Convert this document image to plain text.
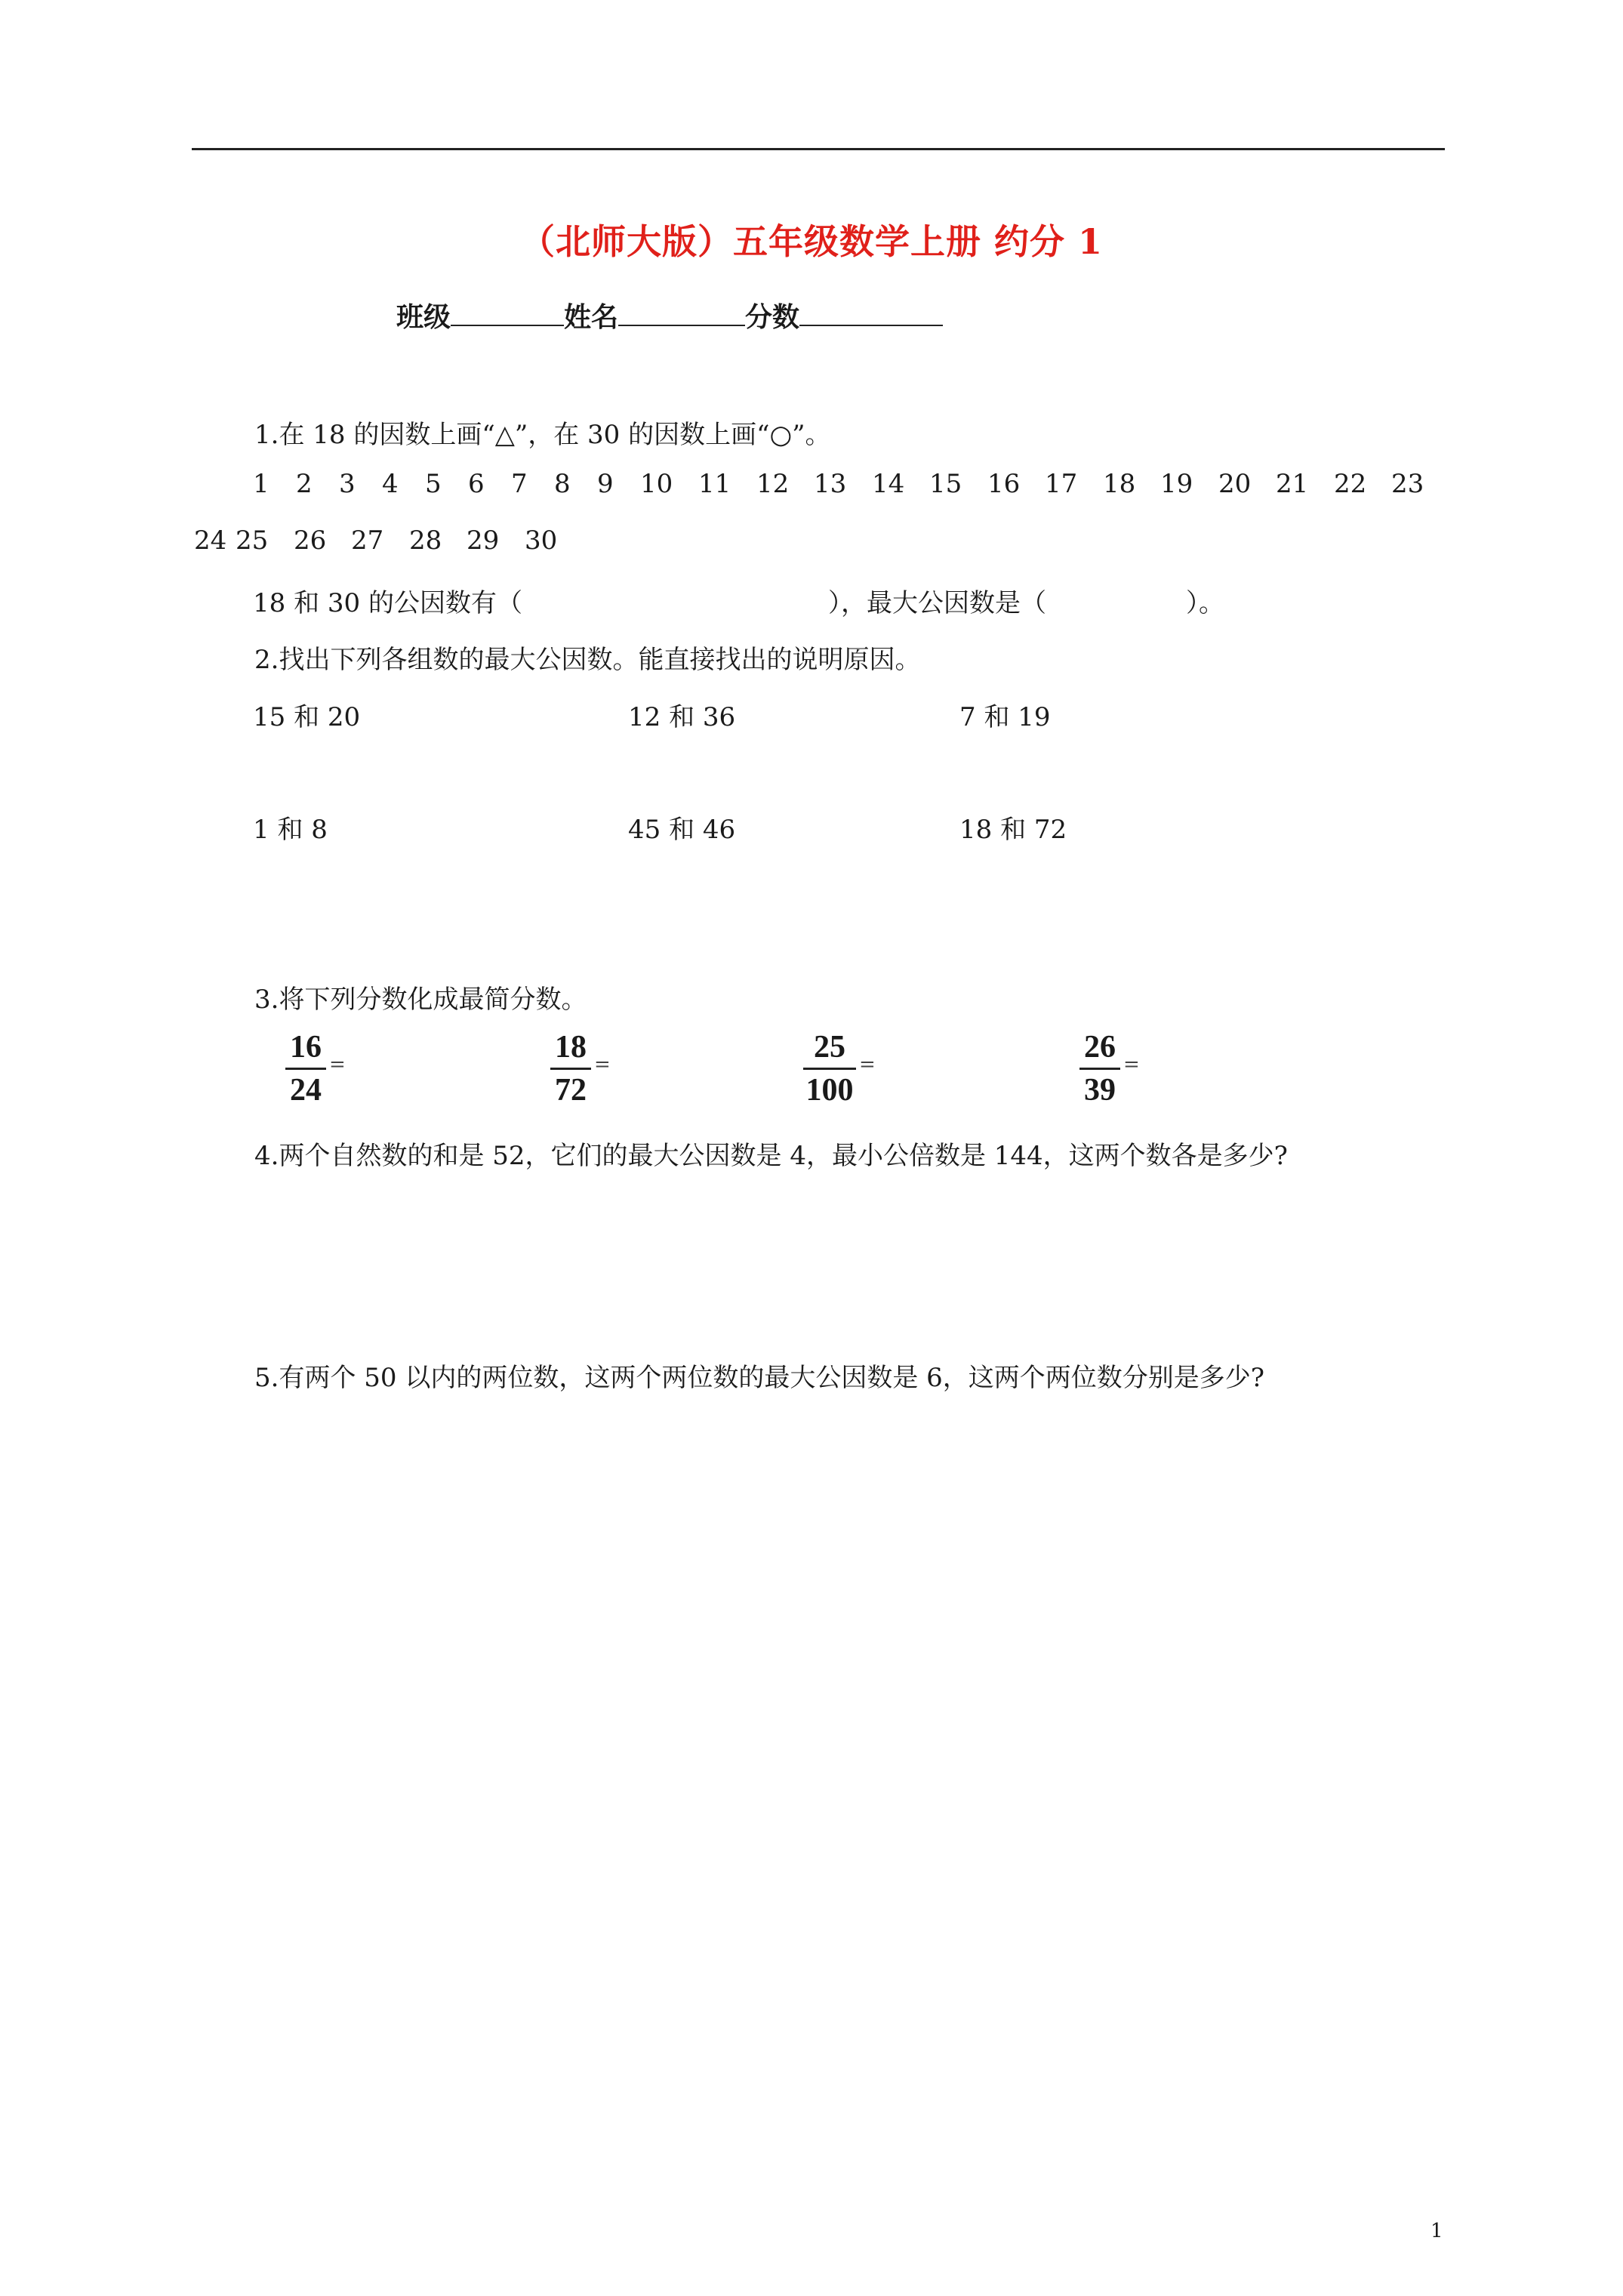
（北师大版）五年级数学上册 约分 1
班级	姓名	分数
1.在 18 的因数上画“△”，在 30 的因数上画“○”。
1 2 3 4 5 6 7 8 9 10 11 12 13 14 15 16 17 18 19 20 21 22 23
24 25 26 27 28 29 30
18 和 30 的公因数有（	），最大公因数是（	）。
2.找出下列各组数的最大公因数。能直接找出的说明原因。
15 和 20	12 和 36	7 和 19
1 和 8	45 和 46	18 和 72
3.将下列分数化成最简分数。
16
24
=	18
72
=	25
100
=	26
39
=
4.两个自然数的和是 52，它们的最大公因数是 4，最小公倍数是 144，这两个数各是多少?
5.有两个 50 以内的两位数，这两个两位数的最大公因数是 6，这两个两位数分别是多少?
1
